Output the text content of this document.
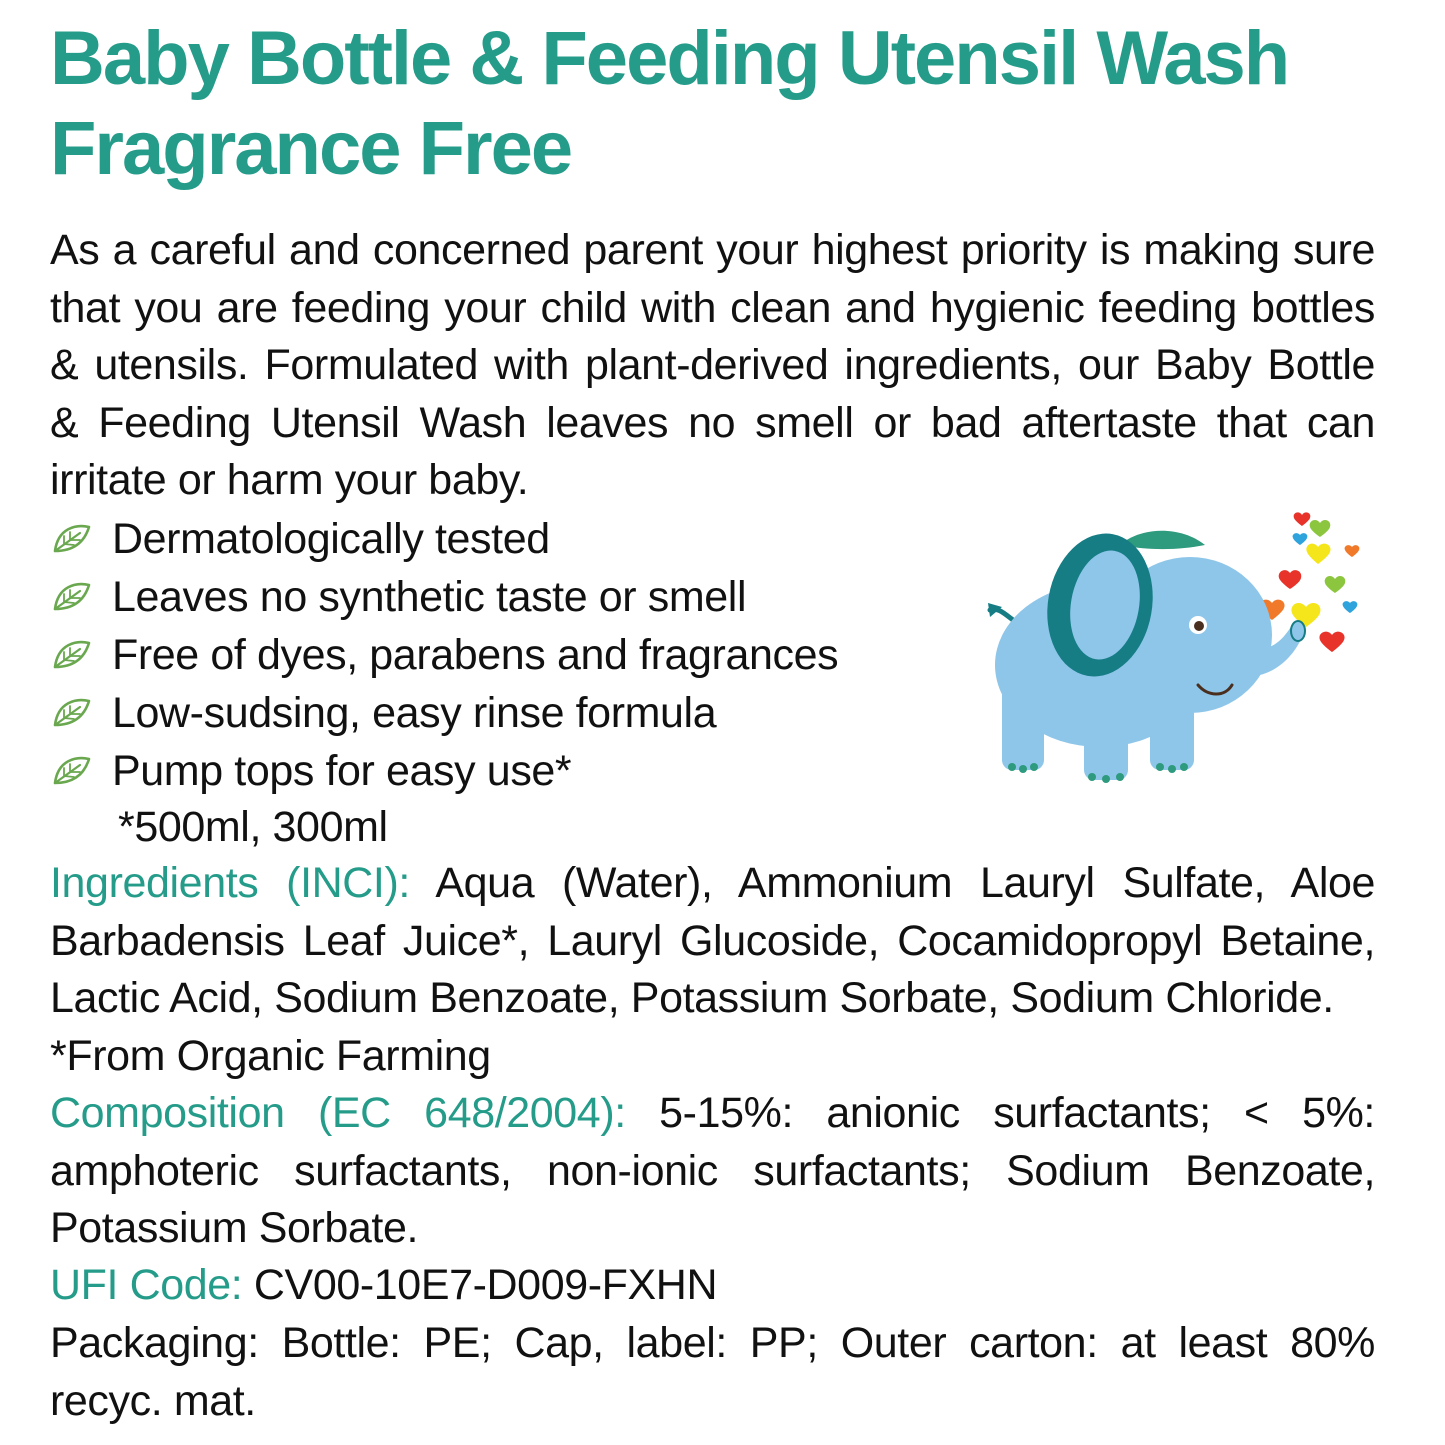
Baby Bottle & Feeding Utensil Wash
Fragrance Free

As a careful and concerned parent your highest priority is making sure that you are feeding your child with clean and hygienic feeding bottles & utensils. Formulated with plant-derived ingredients, our Baby Bottle & Feeding Utensil Wash leaves no smell or bad aftertaste that can irritate or harm your baby.

Dermatologically tested
Leaves no synthetic taste or smell
Free of dyes, parabens and fragrances
Low-sudsing, easy rinse formula
Pump tops for easy use*
*500ml, 300ml

Ingredients (INCI): Aqua (Water), Ammonium Lauryl Sulfate, Aloe Barbadensis Leaf Juice*, Lauryl Glucoside, Cocamidopropyl Betaine, Lactic Acid, Sodium Benzoate, Potassium Sorbate, Sodium Chloride.
*From Organic Farming

Composition (EC 648/2004): 5-15%: anionic surfactants; < 5%: amphoteric surfactants, non-ionic surfactants; Sodium Benzoate, Potassium Sorbate.

UFI Code: CV00-10E7-D009-FXHN

Packaging: Bottle: PE; Cap, label: PP; Outer carton: at least 80% recyc. mat.
